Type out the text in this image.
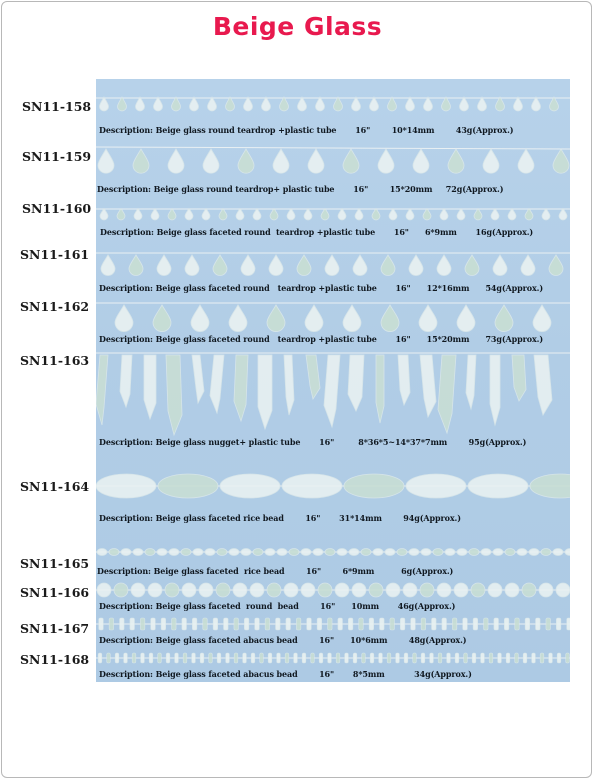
Beige Glass
Description: Beige glass round teardrop +plastic tube       16"        10*14mm        43g(Approx.)
Description: Beige glass round teardrop+ plastic tube       16"        15*20mm     72g(Approx.)
Description: Beige glass faceted round  teardrop +plastic tube       16"      6*9mm       16g(Approx.)
Description: Beige glass faceted round   teardrop +plastic tube       16"      12*16mm      54g(Approx.)
Description: Beige glass faceted round   teardrop +plastic tube       16"      15*20mm      73g(Approx.)
Description: Beige glass nugget+ plastic tube       16"         8*36*5~14*37*7mm        95g(Approx.)
Description: Beige glass faceted rice bead        16"       31*14mm        94g(Approx.)
Description: Beige glass faceted  rice bead        16"        6*9mm          6g(Approx.)
Description: Beige glass faceted  round  bead        16"      10mm       46g(Approx.)
Description: Beige glass faceted abacus bead        16"      10*6mm        48g(Approx.)
Description: Beige glass faceted abacus bead        16"       8*5mm           34g(Approx.)
SN11-158
SN11-159
SN11-160
SN11-161
SN11-162
SN11-163
SN11-164
SN11-165
SN11-166
SN11-167
SN11-168
